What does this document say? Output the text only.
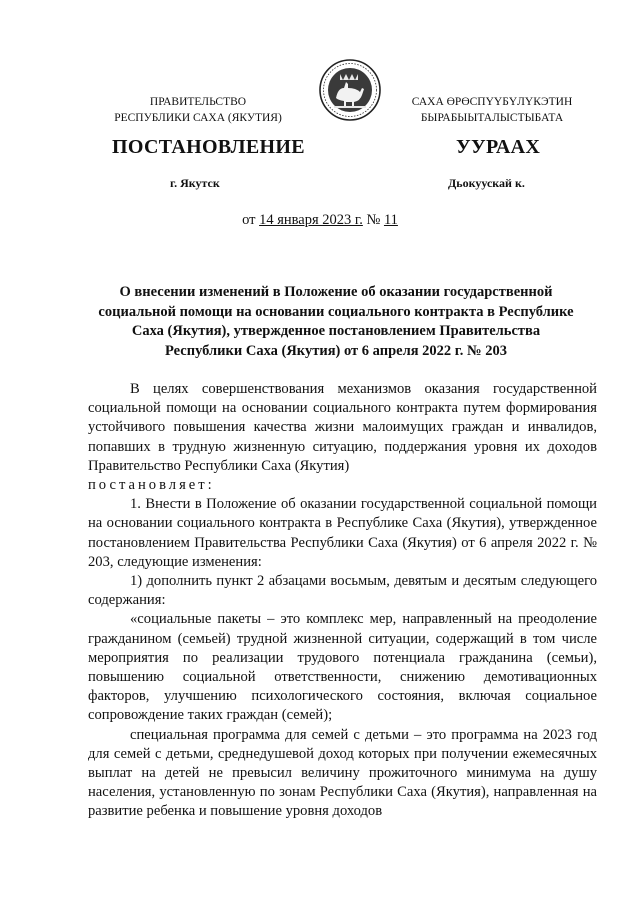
ПРАВИТЕЛЬСТВО
РЕСПУБЛИКИ САХА (ЯКУТИЯ)
САХА ӨРӨСПҮҮБҮЛҮКЭТИН
БЫРАБЫЫТАЛЫСТЫБАТА
ПОСТАНОВЛЕНИЕ	УУРААХ
г. Якутск	Дьокуускай к.
от 14 января 2023 г. № 11
О внесении изменений в Положение об оказании государственной
социальной помощи на основании социального контракта в Республике
Саха (Якутия), утвержденное постановлением Правительства
Республики Саха (Якутия) от 6 апреля 2022 г. № 203

В целях совершенствования механизмов оказания государственной социальной помощи на основании социального контракта путем формирования устойчивого повышения качества жизни малоимущих граждан и инвалидов, попавших в трудную жизненную ситуацию, поддержания уровня их доходов Правительство Республики Саха (Якутия)

постановляет:

1. Внести в Положение об оказании государственной социальной помощи на основании социального контракта в Республике Саха (Якутия), утвержденное постановлением Правительства Республики Саха (Якутия) от 6 апреля 2022 г. № 203, следующие изменения:

1) дополнить пункт 2 абзацами восьмым, девятым и десятым следующего содержания:

«социальные пакеты – это комплекс мер, направленный на преодоление гражданином (семьей) трудной жизненной ситуации, содержащий в том числе мероприятия по реализации трудового потенциала гражданина (семьи), повышению социальной ответственности, снижению демотивационных факторов, улучшению психологического состояния, включая социальное сопровождение таких граждан (семей);

специальная программа для семей с детьми – это программа на 2023 год для семей с детьми, среднедушевой доход которых при получении ежемесячных выплат на детей не превысил величину прожиточного минимума на душу населения, установленную по зонам Республики Саха (Якутия), направленная на развитие ребенка и повышение уровня доходов
